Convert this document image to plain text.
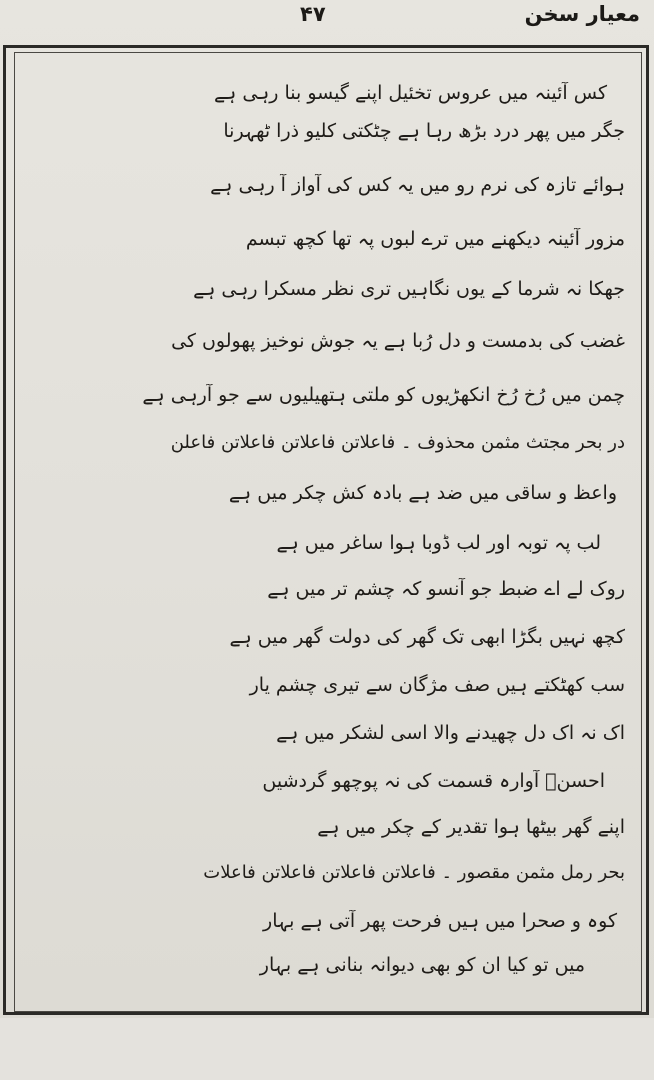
معیار سخن
۴۷
کس آئینہ میں عروسِ تخئیل اپنے گیسو بنا رہی ہے
جگر میں پھر درد بڑھ رہا ہے چٹکتی کلیو ذرا ٹھہرنا
ہوائے تازہ کی نرم رو میں یہ کس کی آواز آ رہی ہے
مزور آئینہ دیکھنے میں ترے لبوں پہ تھا کچھ تبسم
جھکا نہ شرما کے یوں نگاہیں تری نظر مسکرا رہی ہے
غضب کی بدمست و دل رُبا ہے یہ جوشِ نوخیز پھولوں کی
چمن میں رُخ رُخ انکھڑیوں کو ملتی ہتھیلیوں سے جو آرہی ہے
در بحر مجتث مثمن محذوف ۔ فاعلاتن فاعلاتن فاعلاتن فاعلن
واعظ و ساقی میں ضد ہے بادہ کش چکر میں ہے
لب پہ توبہ اور لب ڈوبا ہوا ساغر میں ہے
روک لے اے ضبط جو آنسو کہ چشم تر میں ہے
کچھ نہیں بگڑا ابھی تک گھر کی دولت گھر میں ہے
سب کھٹکتے ہیں صف مژگان سے تیری چشم یار
اک نہ اک دل چھیدنے والا اسی لشکر میں ہے
احسنؔ آوارہ قسمت کی نہ پوچھو گردشیں
اپنے گھر بیٹھا ہوا تقدیر کے چکر میں ہے
بحرِ رمل مثمن مقصور ۔ فاعلاتن فاعلاتن فاعلاتن فاعلات
کوہ و صحرا میں ہیں فرحت پھر آتی ہے بہار
میں تو کیا ان کو بھی دیوانہ بنانی ہے بہار
